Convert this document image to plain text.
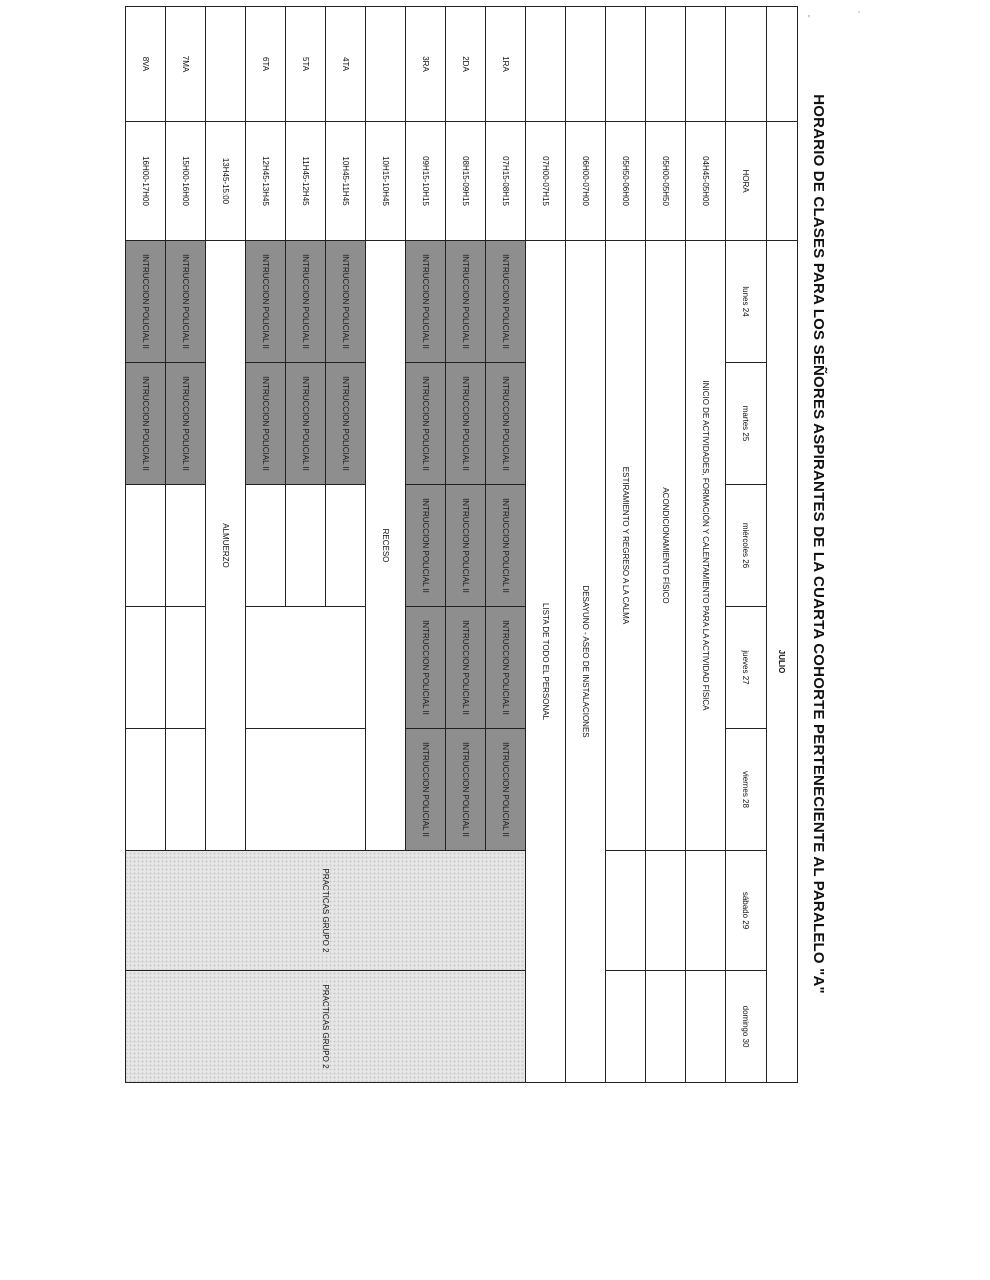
HORARIO DE CLASES PARA LOS SEÑORES ASPIRANTES DE LA CUARTA COHORTE PERTENECIENTE AL PARALELO "A"
		JULIO						
	HORA	lunes 24	martes 25	miércoles 26	jueves 27	viernes 28	sábado 29	domingo 30
	04H45-05H00	INICIO DE ACTIVIDADES, FORMACIÓN Y CALENTAMIENTO PARA LA ACTIVIDAD FÍSICA						
	05H00-05H50	ACONDICIONAMIENTO FÍSICO						
	05H50-06H00	ESTIRAMIENTO Y REGRESO A LA CALMA						
	06H00-07H00	DESAYUNO - ASEO DE INSTALACIONES						
	07H00-07H15	LISTA DE TODO EL PERSONAL						
1RA	07H15-08H15	INTRUCCION POLICIAL II	INTRUCCION POLICIAL II	INTRUCCION POLICIAL II	INTRUCCION POLICIAL II	INTRUCCION POLICIAL II	PRACTICAS GRUPO 2	PRACTICAS GRUPO 2
2DA	08H15-09H15	INTRUCCION POLICIAL II	INTRUCCION POLICIAL II	INTRUCCION POLICIAL II	INTRUCCION POLICIAL II	INTRUCCION POLICIAL II		
3RA	09H15-10H15	INTRUCCION POLICIAL II	INTRUCCION POLICIAL II	INTRUCCION POLICIAL II	INTRUCCION POLICIAL II	INTRUCCION POLICIAL II		
	10H15-10H45	RECESO						
4TA	10H45-11H45	INTRUCCION POLICIAL II	INTRUCCION POLICIAL II					
5TA	11H45-12H45	INTRUCCION POLICIAL II	INTRUCCION POLICIAL II					
6TA	12H45-13H45	INTRUCCION POLICIAL II	INTRUCCION POLICIAL II					
	13H45-15:00	ALMUERZO						
7MA	15H00-16H00	INTRUCCION POLICIAL II	INTRUCCION POLICIAL II					
8VA	16H00-17H00	INTRUCCION POLICIAL II	INTRUCCION POLICIAL II					
'	'
